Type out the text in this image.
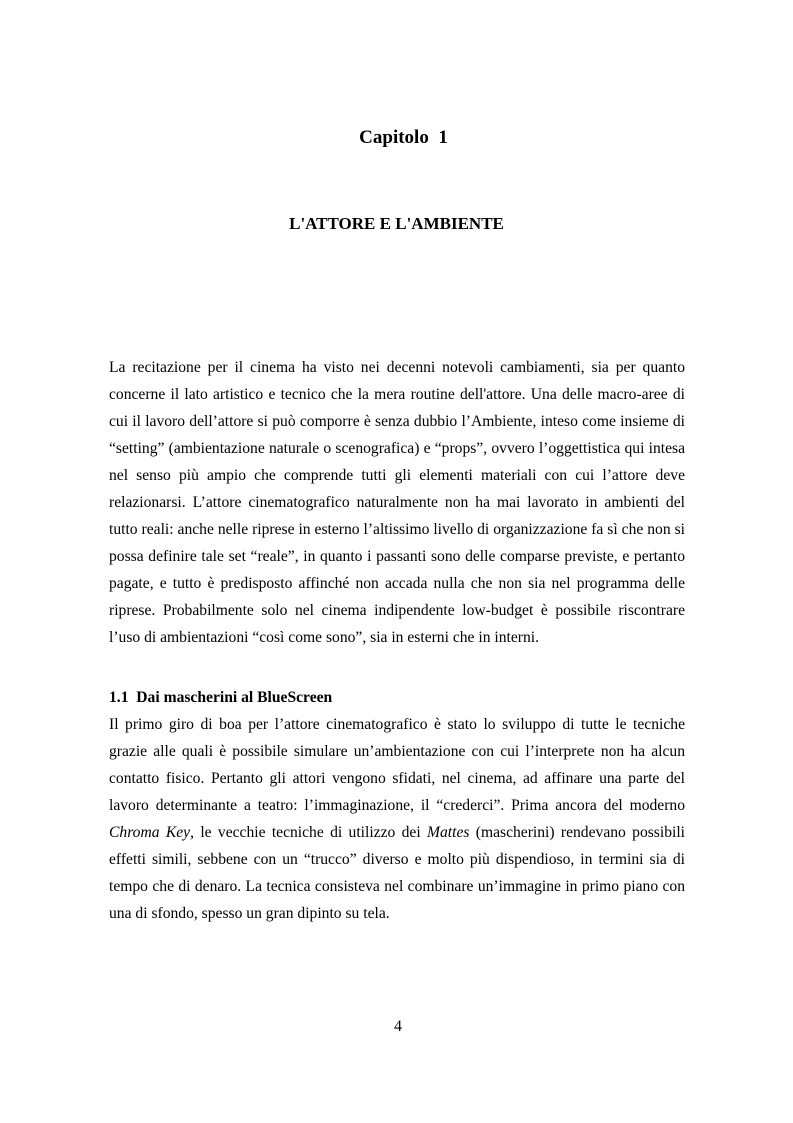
Capitolo  1
L'ATTORE E L'AMBIENTE

La recitazione per il cinema ha visto nei decenni notevoli cambiamenti, sia per quanto concerne il lato artistico e tecnico che la mera routine dell'attore. Una delle macro-aree di cui il lavoro dell’attore si può comporre è senza dubbio l’Ambiente, inteso come insieme di “setting” (ambientazione naturale o scenografica) e “props”, ovvero l’oggettistica qui intesa nel senso più ampio che comprende tutti gli elementi materiali con cui l’attore deve relazionarsi. L’attore cinematografico naturalmente non ha mai lavorato in ambienti del tutto reali: anche nelle riprese in esterno l’altissimo livello di organizzazione fa sì che non si possa definire tale set “reale”, in quanto i passanti sono delle comparse previste, e pertanto pagate, e tutto è predisposto affinché non accada nulla che non sia nel programma delle riprese. Probabilmente solo nel cinema indipendente low-budget è possibile riscontrare l’uso di ambientazioni “così come sono”, sia in esterni che in interni.

1.1  Dai mascherini al BlueScreen

Il primo giro di boa per l’attore cinematografico è stato lo sviluppo di tutte le tecniche grazie alle quali è possibile simulare un’ambientazione con cui l’interprete non ha alcun contatto fisico. Pertanto gli attori vengono sfidati, nel cinema, ad affinare una parte del lavoro determinante a teatro: l’immaginazione, il “crederci”. Prima ancora del moderno Chroma Key, le vecchie tecniche di utilizzo dei Mattes (mascherini) rendevano possibili effetti simili, sebbene con un “trucco” diverso e molto più dispendioso, in termini sia di tempo che di denaro. La tecnica consisteva nel combinare un’immagine in primo piano con una di sfondo, spesso un gran dipinto su tela.

4
